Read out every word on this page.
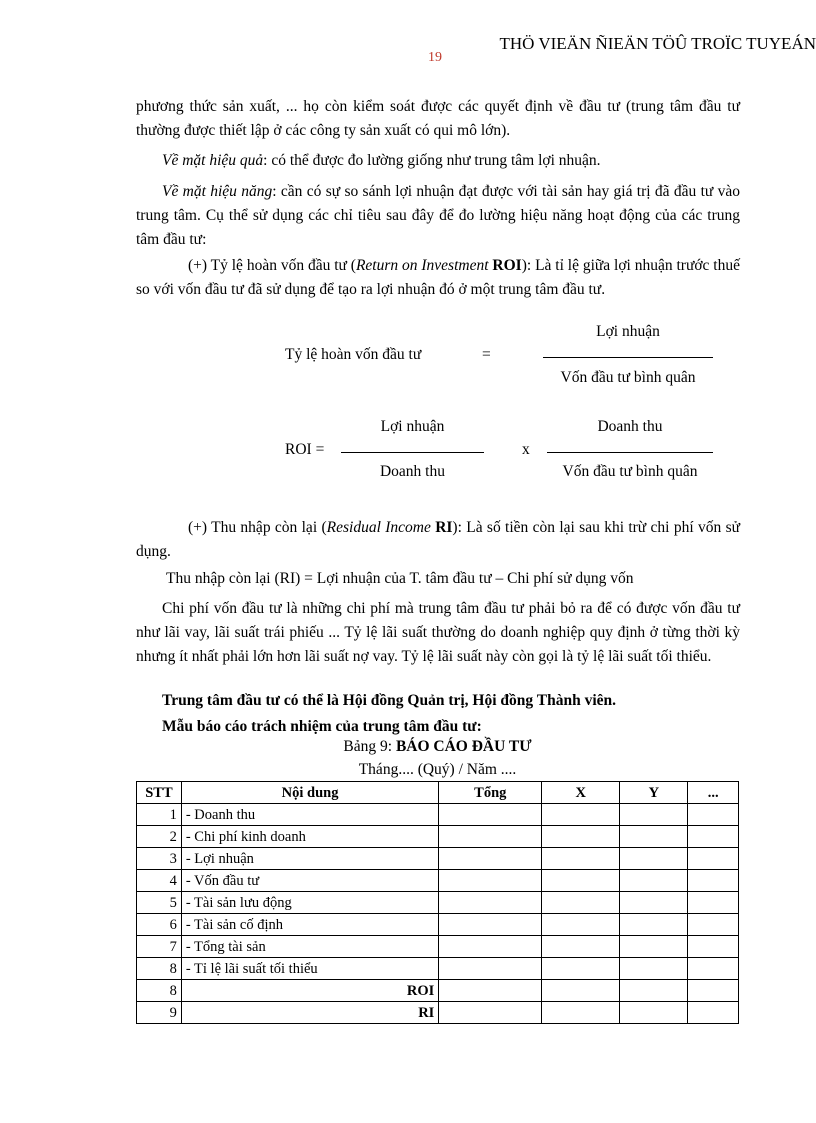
THÖ VIEÄN ÑIEÄN TÖÛ TROÏC TUYEÁN
19
phương thức sản xuất, ... họ còn kiểm soát được các quyết định về đầu tư (trung tâm đầu tư thường được thiết lập ở các công ty sản xuất có qui mô lớn).
Về mặt hiệu quả: có thể được đo lường giống như trung tâm lợi nhuận.
Về mặt hiệu năng: cần có sự so sánh lợi nhuận đạt được với tài sản hay giá trị đã đầu tư vào trung tâm. Cụ thể sử dụng các chỉ tiêu sau đây để đo lường hiệu năng hoạt động của các trung tâm đầu tư:
(+) Tỷ lệ hoàn vốn đầu tư (Return on Investment ROI): Là tỉ lệ giữa lợi nhuận trước thuế so với vốn đầu tư đã sử dụng để tạo ra lợi nhuận đó ở một trung tâm đầu tư.
Tỷ lệ hoàn vốn đầu tư	=
Lợi nhuận
Vốn đầu tư bình quân
ROI =
Lợi nhuận
Doanh thu
x
Doanh thu
Vốn đầu tư bình quân
(+) Thu nhập còn lại (Residual Income RI): Là số tiền còn lại sau khi trừ chi phí vốn sử dụng.
Thu nhập còn lại (RI) = Lợi nhuận của T. tâm đầu tư – Chi phí sử dụng vốn
Chi phí vốn đầu tư là những chi phí mà trung tâm đầu tư phải bỏ ra để có được vốn đầu tư như lãi vay, lãi suất trái phiếu ... Tỷ lệ lãi suất thường do doanh nghiệp quy định ở từng thời kỳ nhưng ít nhất phải lớn hơn lãi suất nợ vay. Tỷ lệ lãi suất này còn gọi là tỷ lệ lãi suất tối thiểu.
Trung tâm đầu tư có thể là Hội đồng Quản trị, Hội đồng Thành viên.
Mẫu báo cáo trách nhiệm của trung tâm đầu tư:
Bảng 9: BÁO CÁO ĐẦU TƯ
Tháng.... (Quý) / Năm ....
STT	Nội dung	Tổng	X	Y	...
1	- Doanh thu				
2	- Chi phí kinh doanh				
3	- Lợi nhuận				
4	- Vốn đầu tư				
5	- Tài sản lưu động				
6	- Tài sản cố định				
7	- Tổng tài sản				
8	- Tỉ lệ lãi suất tối thiểu				
8	ROI				
9	RI				
